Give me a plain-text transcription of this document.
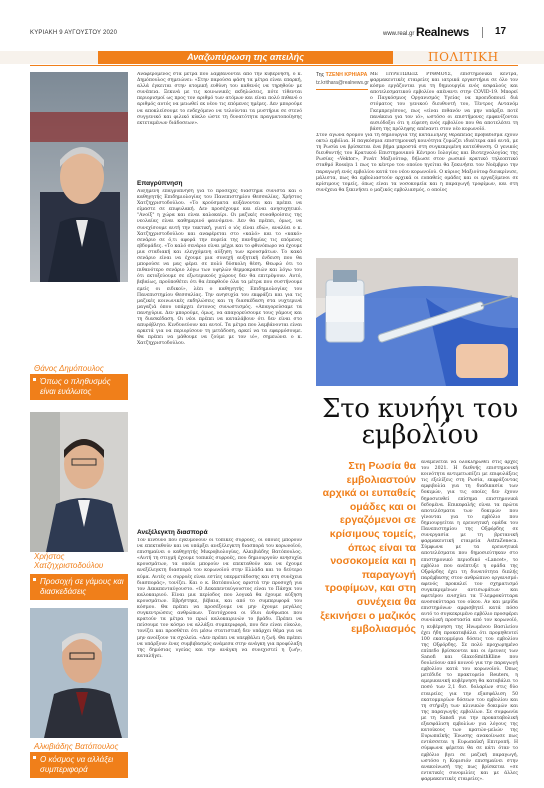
ΚΥΡΙΑΚΗ 9 ΑΥΓΟΥΣΤΟΥ 2020	www.real.gr Realnews	17
Αναζωπύρωση της απειλής	ΠΟΛΙΤΙΚΗ
Θάνος Δημόπουλος
Όπως ο πληθυσμός είναι ευάλωτος
Χρήστος Χατζηχριστοδούλου
Προσοχή σε γάμους και διασκεδάσεις
Αλκιβιάδης Βατόπουλος
Ο κόσμος να αλλάξει συμπεριφορά
Αναφερόμενος στα μέτρα που λαμβάνονται από την κυβέρνηση, ο κ. Δημόπουλος σημειώνει: «Στην παρούσα φάση τα μέτρα είναι επαρκή, αλλά έγκειται στην ατομική ευθύνη του καθενός να τηρηθούν με συνέπεια. Ξεκινά με τις κοινωνικές εκδηλώσεις, πότε τίθενται περιορισμοί ως προς τον αριθμό των ατόμων και είναι πολύ πιθανό ο αριθμός αυτός να μειωθεί εκ νέου τις επόμενες ημέρες. Δεν μπορούμε να αποκλείσουμε το ενδεχόμενο να τελούνται τα μυστήρια σε στενό συγγενικό και φιλικό κύκλο ώστε τη δυνατότητα πραγματοποίησης εκτεταμένων διάδοσεων».
Επαγρύπνηση
Αυξημένη επαγρύπνηση για το προσεχές διάστημα συνιστά και ο καθηγητής Επιδημιολογίας του Πανεπιστημίου Θεσσαλίας, Χρήστος Χατζηχριστοδούλου. «Το κρούσματα αυξάνονται και πρέπει να είμαστε σε επιφυλακή. Δεν προσέχουμε και είναι ανησυχητικό. "Ανοίξ" η χώρα και είναι καλοκαίρι. Οι μαζικές συναθροίσεις της νεολαίας είναι καθημερινό φαινόμενο. Δεν θα πρέπει, όμως, να συνεχίσουμε αυτή την τακτική, γιατί ο ιός είναι εδώ», αναλύει ο κ. Χατζηχριστοδούλου και αναφέρεται στο «καλό» και το «κακό» σενάριο σε ό,τι αφορά την πορεία της πανδημίας τις επόμενες εβδομάδες. «Το καλό σενάριο είναι μέχρι και το φθινόπωρο να έχουμε μια σταδιακή και ελεγχόμενη αύξηση των κρουσμάτων. Το κακό σενάριο είναι να έχουμε μια συνεχή αυξητική ένδειση που θα μπορούσε να μας φέρει σε πολύ δύσκολη θέση. Θεωρώ ότι το πιθανότερο σενάριο λόγω των υψηλών θερμοκρασιών και λόγω του ότι εκτοξεύουμε σε εξωτερικούς χώρους δεν θα επιτρέψουν. Αυτό, βεβαίως, προϋποθέτει ότι θα έπεφθούν όλα τα μέτρα που συστήνουμε εμείς οι ειδικοί», λέει ο καθηγητής Επιδημιολογίας του Πανεπιστημίου Θεσσαλίας. Την ανησυχία του εκφράζει και για τις μαζικές κοινωνικές εκδηλώσεις και τη διασκέδαση στα νυχτερινά μαγαζιά όπου υπάρχει έντονος συνωστισμός. «Απαγορεύσαμε τα πανηγύρια. Δεν μπορούμε, όμως, να απαγορεύσουμε τους γάμους και τη διασκέδαση. Οι νέοι πρέπει να καταλάβουν ότι δεν είναι στο απυρόβλητο. Κινδυνεύουν και αυτοί. Τα μέτρα που λαμβάνονται είναι αρκετά για να περιορίσουν τη μετάδοση, αρκεί να τα εφαρμόσουμε. Θα πρέπει να μάθουμε να ζούμε με τον ιό», σημειώνει ο κ. Χατζηχριστοδούλου.
Ανεξέλεγκτη διασπορά
Τον κίνδυνο που εγκυμονούν οι τοπικές συρροές, οι οποίες μπορούν να επεκταθούν και να υπάρξει ανεξέλεγκτη διασπορά του κορωνοϊού, επισημαίνει ο καθηγητής Μικροβιολογίας, Αλκιβιάδης Βατόπουλος. «Αυτή τη στιγμή έχουμε τοπικές συρροές, που δημιουργούν ανησυχία κρουσμάτων, τα οποία μπορούν να επεκταθούν και να έχουμε ανεξέλεγκτη διασπορά του κορωνοϊού στην Ελλάδα και το δεύτερο κύμα. Αυτές οι συρροές είναι εστίες υπερμετάδοσης και στη συνέχεια διασποράς», τονίζει. Και ο κ. Βατόπουλος εφιστά την προσοχή για τον Δεκαπενταύγουστο. «Ο Δεκαπενταύγουστος είναι το Πάσχα του καλοκαιριού. Είναι μια περίοδος που λογικά θα έχουμε αύξηση κρουσμάτων. Εβρήστηκε, βέβαια, και από το συμπεριφορά του κόσμου. Θα πρέπει να προσέξουμε να μην έχουμε μεγάλες συγκεντρώσεις ανθρώπων. Ταυτόχρονα οι ίδιοι άνθρωποι που κρατούν τα μέτρα το πρωί καλοκαιρινών το βράδυ. Πρέπει να πείσουμε τον κόσμο να αλλάξει συμπεριφορά, που δεν είναι εύκολο, τονίζει και προσθέτει ότι μέσω στατιστική δεν υπάρχει θέμα για να μην ανοίξουν τα σχολεία. «Δεν πρέπει να υπερβάλει η ζωή. Θα πρέπει να υπάρξουν ένας συμβιβασμός ανάμεσα στην ανάγκη για προφύλαξη της δημόσιας υγείας και την ανάγκη να συνεχιστεί η ζωή», καταλήγει.
Της ΤΖΕΝΗ ΚΡΗΙΑΡΑ
tz.krithara@realnews.gr
ΜΕ ΠΥΡΕΤΩΔΕΙΣ ΡΥΘΜΟΥΣ, επιστημονικά κέντρα, φαρμακευτικές εταιρείες και ιατρικά εργαστήρια σε όλο τον κόσμο εργάζονται για τη δημιουργία ενός ασφαλούς και αποτελεσματικού εμβολίου απέναντι στην COVID-19. Μπορεί ο Παγκόσμιος Οργανισμός Υγείας να προειδοποιεί διά στόματος του γενικού διευθυντή του, Τέντρος Αντανόμ Γκεμπρεγέσους, πως «είναι πιθανόν να μην υπάρξει ποτέ πανάκεια για τον ιό», ωστόσο οι επιστήμονες εμφανίζονται αισιόδοξοι ότι η εύρεση ενός εμβολίου που θα αποτελέσει τη βάση της πρόληψης απέναντι στον νέο κορωνοϊό.
Στον αγώνα δρόμου για τη δημιουργία της κατάλληλης θεραπείας προβάδισμα έχουν οκτώ εμβόλια. Η παγκόσμια επιστημονική κοινότητα ζυμώζει ιδιαίτερα από αυτά, με τη Ρωσία να βρίσκεται ένα βήμα μπροστά στη συγκεκριμένη κατεύθυνση. Ο γενικός διευθυντής του Κρατικού Επιστημονικού Κέντρου Ιολογίας και Βιοτεχνολογίας της Ρωσίας «Vektor», Ρινάτ Μαξιούτοφ, δήλωσε στον ρωσικό κρατικό τηλεοπτικό σταθμό Rossiya 1 πως το κέντρο του οποίου ηγείται θα ξεκινήσει τον Νοέμβριο την παραγωγή ενός εμβολίου κατά του νέου κορωνοϊού. Ο κύριος Μαξιούτοφ διευκρίνισε, μάλιστα, πως θα εμβολιαστούν αρχικά οι ευπαθείς ομάδες και οι εργαζόμενοι σε κρίσιμους τομείς, όπως είναι τα νοσοκομεία και η παραγωγή τροφίμων, και στη συνέχεια θα ξεκινήσει ο μαζικός εμβολιασμός, ο οποίος
Στο κυνήγι του εμβολίου
Στη Ρωσία θα εμβολιαστούν αρχικά οι ευπαθείς ομάδες και οι εργαζόμενοι σε κρίσιμους τομείς, όπως είναι τα νοσοκομεία και η παραγωγή τροφίμων, και στη συνέχεια θα ξεκινήσει ο μαζικός εμβολιασμός
αναμένεται να ολοκληρωθεί στις αρχές του 2021. Η διεθνής επιστημονική κοινότητα αντιμετωπίζει με επιφυλάξεις τις εξελίξεις στη Ρωσία, εκφράζοντας αμφιβολία για τη διαδικασία των δοκιμών, για τις οποίες δεν έχουν δημοσιευθεί επίσημα επιστημονικά δεδομένα. Επικεφαλής είναι τα πρώτα αποτελέσματα των δοκιμών που γίνονται για το εμβόλιο που δημιουργείται η ερευνητική ομάδα του Πανεπιστημίου της Οξφόρδης σε συνεργασία με τη βρετανική φαρμακευτική εταιρεία AstraZeneca. Σύμφωνα με τα ερευνητικά αποτελέσματα που δημοσιεύτηκαν στο επιστημονικό περιοδικό «Lancet», το εμβόλιο που ανέπτυξε η ομάδα της Οξφόρδης έχει τη δυνατότητα διπλής παρέμβασης στον ανθρώπινο οργανισμό: αφενός προκαλεί τον σχηματισμό συγκεκριμένων αντισωμάτων και αφετέρου ενισχύει τα Τ-λεμφοκύτταρα ανοσοκύτταρα του οίκου. Αν και μερίδα επιστημόνων αμφισβητεί κατά πόσο αυτό το συγκεκριμένο εμβόλιο προσφέρει συνολική προστασία από τον κορωνοϊό, η κυβέρνηση της Ηνωμένου Βασιλείου έχει ήδη προκαταβάλει ότι προμηθευτεί 100 εκατομμύρια δόσεις του εμβολίου της Οξφόρδης. Σε πολύ προχωρημένο επίπεδο βρίσκονται και οι έρευνες των Sanofi και GlaxoSmithKline που δουλεύουν από κοινού για την παραγωγή εμβολίου κατά του κορωνοϊού. Όπως μετέδιδε το πρακτορείο Reuters, η αμερικανική κυβέρνηση θα καταβάλει το ποσό των 2,1 δισ. δολαρίων στις δύο εταιρείες για την εξασφάλιση 50 εκατομμυρίων δόσεων του εμβολίου και τη στήριξη των κλινικών δοκιμών και της παραγωγής εμβολίων. Σε συμφωνία με τη Sanofi για την προκαταβολική εξασφάλιση εμβολίων για λόγους της κατοίκους των κρατών-μελών της Ευρωπαϊκής Ένωσης ανακοίνωσε πως εντάσσεται η Ευρωπαϊκή Επιτροπή. Η σύμφωνα φέρεται θα σε κάτι όταν το εμβόλιο βγει σε μαζική παραγωγή, ωστόσο η Κομισιόν επισημαίνει στην ανακοίνωσή της πως βρίσκεται «σε εντατικές συνομιλίες και με άλλες φαρμακευτικές εταιρείες».
